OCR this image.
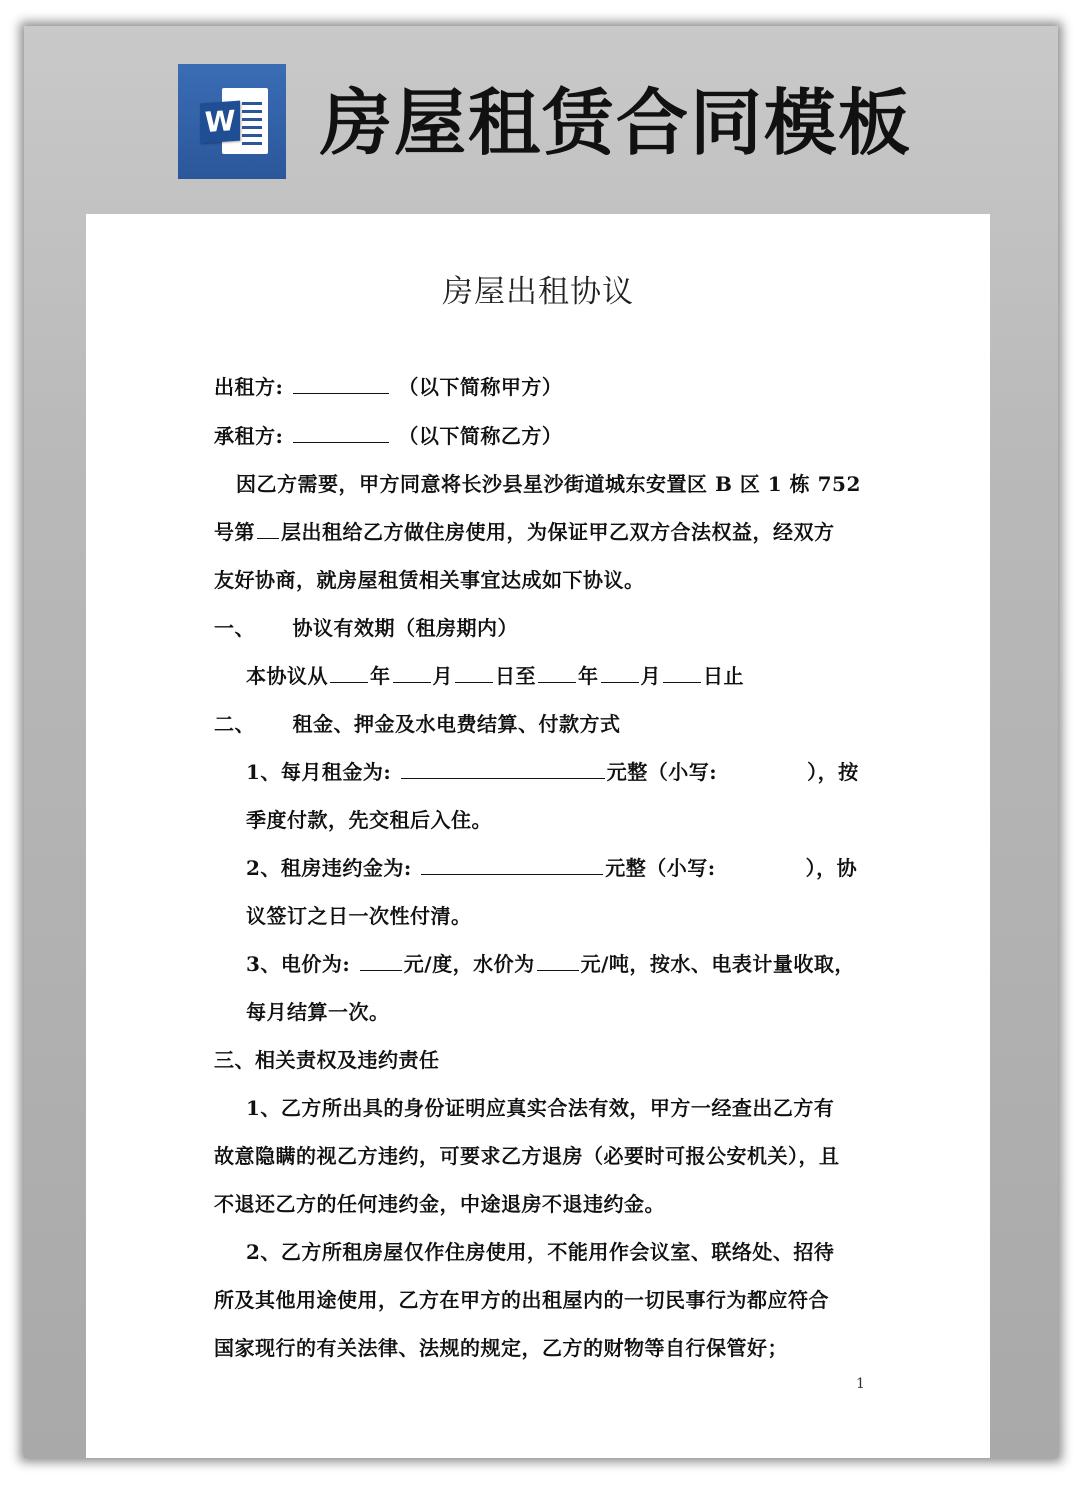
W 房屋租赁合同模板
房屋出租协议
出租方:	（以下简称甲方）
承租方:	（以下简称乙方）
因乙方需要，甲方同意将长沙县星沙街道城东安置区 B 区 1 栋 752
号第 层出租给乙方做住房使用，为保证甲乙双方合法权益，经双方
友好协商，就房屋租赁相关事宜达成如下协议。
一、 协议有效期（租房期内）
本协议从 年 月 日至 年 月 日止
二、 租金、押金及水电费结算、付款方式
1、每月租金为:	元整（小写:	），按
季度付款，先交租后入住。
2、租房违约金为:	元整（小写:	），协
议签订之日一次性付清。
3、电价为:	元/度，水价为 元/吨，按水、电表计量收取，
每月结算一次。
三、相关责权及违约责任
1、乙方所出具的身份证明应真实合法有效，甲方一经查出乙方有
故意隐瞒的视乙方违约，可要求乙方退房（必要时可报公安机关），且
不退还乙方的任何违约金，中途退房不退违约金。
2、乙方所租房屋仅作住房使用，不能用作会议室、联络处、招待
所及其他用途使用，乙方在甲方的出租屋内的一切民事行为都应符合
国家现行的有关法律、法规的规定，乙方的财物等自行保管好；
1
